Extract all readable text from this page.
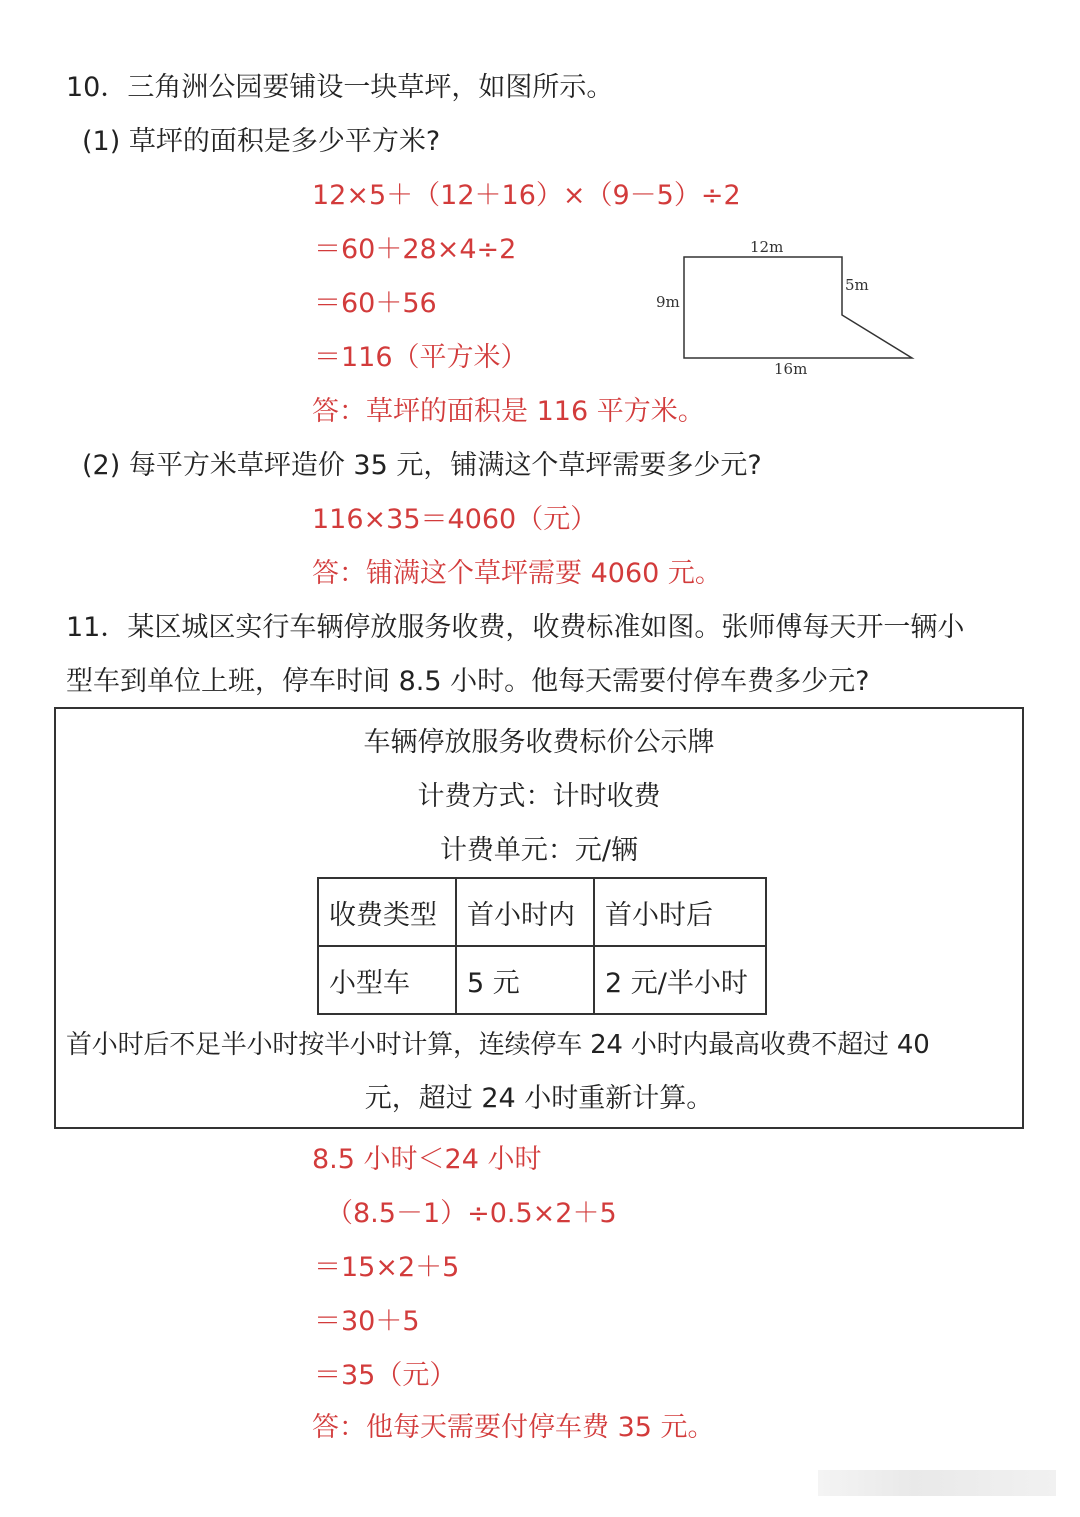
10．三角洲公园要铺设一块草坪，如图所示。
(1) 草坪的面积是多少平方米?
12×5＋（12＋16）×（9－5）÷2
＝60＋28×4÷2
＝60＋56
＝116（平方米）
答：草坪的面积是 116 平方米。
12m
5m
9m
16m
(2) 每平方米草坪造价 35 元，铺满这个草坪需要多少元?
116×35＝4060（元）
答：铺满这个草坪需要 4060 元。
11．某区城区实行车辆停放服务收费，收费标准如图。张师傅每天开一辆小
型车到单位上班，停车时间 8.5 小时。他每天需要付停车费多少元?
车辆停放服务收费标价公示牌
计费方式：计时收费
计费单元：元/辆
收费类型	首小时内	首小时后
小型车	5 元	2 元/半小时
首小时后不足半小时按半小时计算，连续停车 24 小时内最高收费不超过 40
元，超过 24 小时重新计算。
8.5 小时＜24 小时
（8.5－1）÷0.5×2＋5
＝15×2＋5
＝30＋5
＝35（元）
答：他每天需要付停车费 35 元。
